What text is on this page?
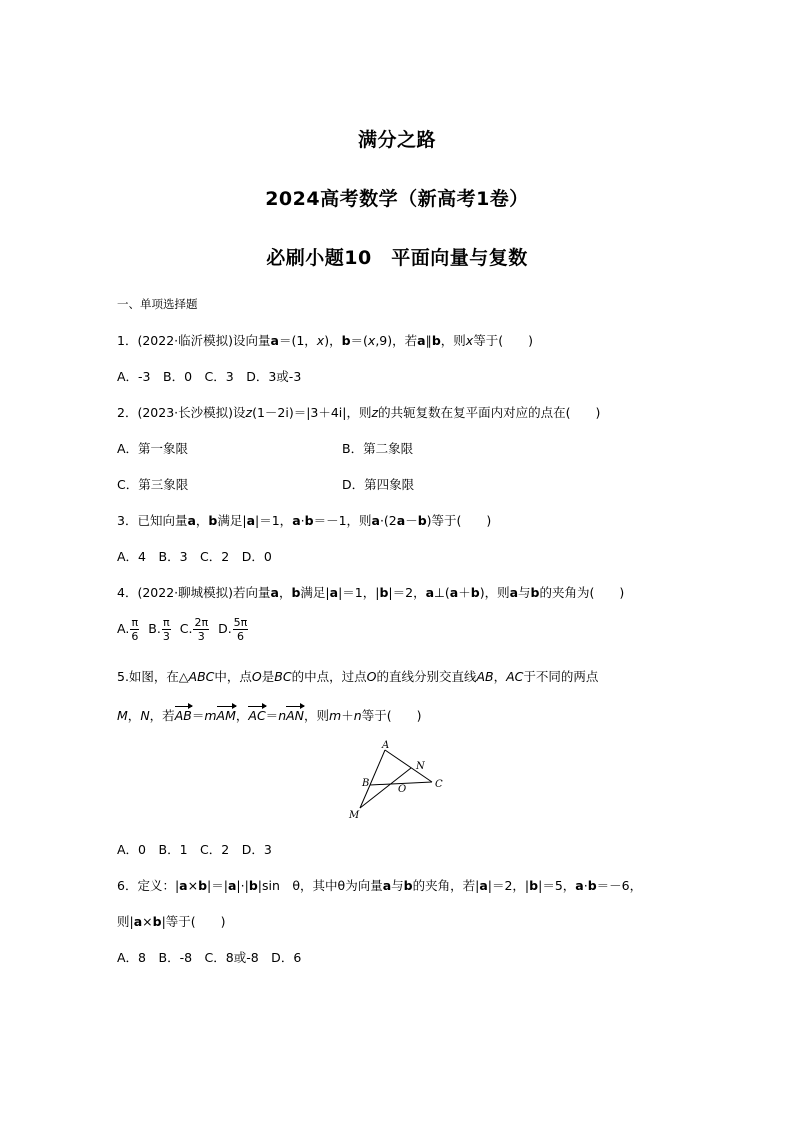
满分之路
2024高考数学（新高考1卷）
必刷小题10　平面向量与复数
一、单项选择题
1．(2022·临沂模拟)设向量a＝(1，x)，b＝(x,9)，若a∥b，则x等于(　　)
A．-3　B．0　C．3　D．3或-3
2．(2023·长沙模拟)设z(1－2i)＝|3＋4i|，则z的共轭复数在复平面内对应的点在(　　)
A．第一象限	B．第二象限
C．第三象限	D．第四象限
3．已知向量a，b满足|a|＝1，a·b＝－1，则a·(2a－b)等于(　　)
A．4　B．3　C．2　D．0
4．(2022·聊城模拟)若向量a，b满足|a|＝1，|b|＝2，a⊥(a＋b)，则a与b的夹角为(　　)
A. $\frac{\pi}{6} B$. $\frac{\pi}{3} C$. $\frac{2\pi}{3} D$. $\frac{5\pi}{6}$
5.如图，在△ABC中，点O是BC的中点，过点O的直线分别交直线AB，AC于不同的两点
M，N，若AB＝mAM，AC＝nAN，则m＋n等于(　　)
A
B	C
N
O
M
A．0　B．1　C．2　D．3
6．定义：|a×b|＝|a|·|b|sin　θ，其中θ为向量a与b的夹角，若|a|＝2，|b|＝5，a·b＝－6，
则|a×b|等于(　　)
A．8　B．-8　C．8或-8　D．6
